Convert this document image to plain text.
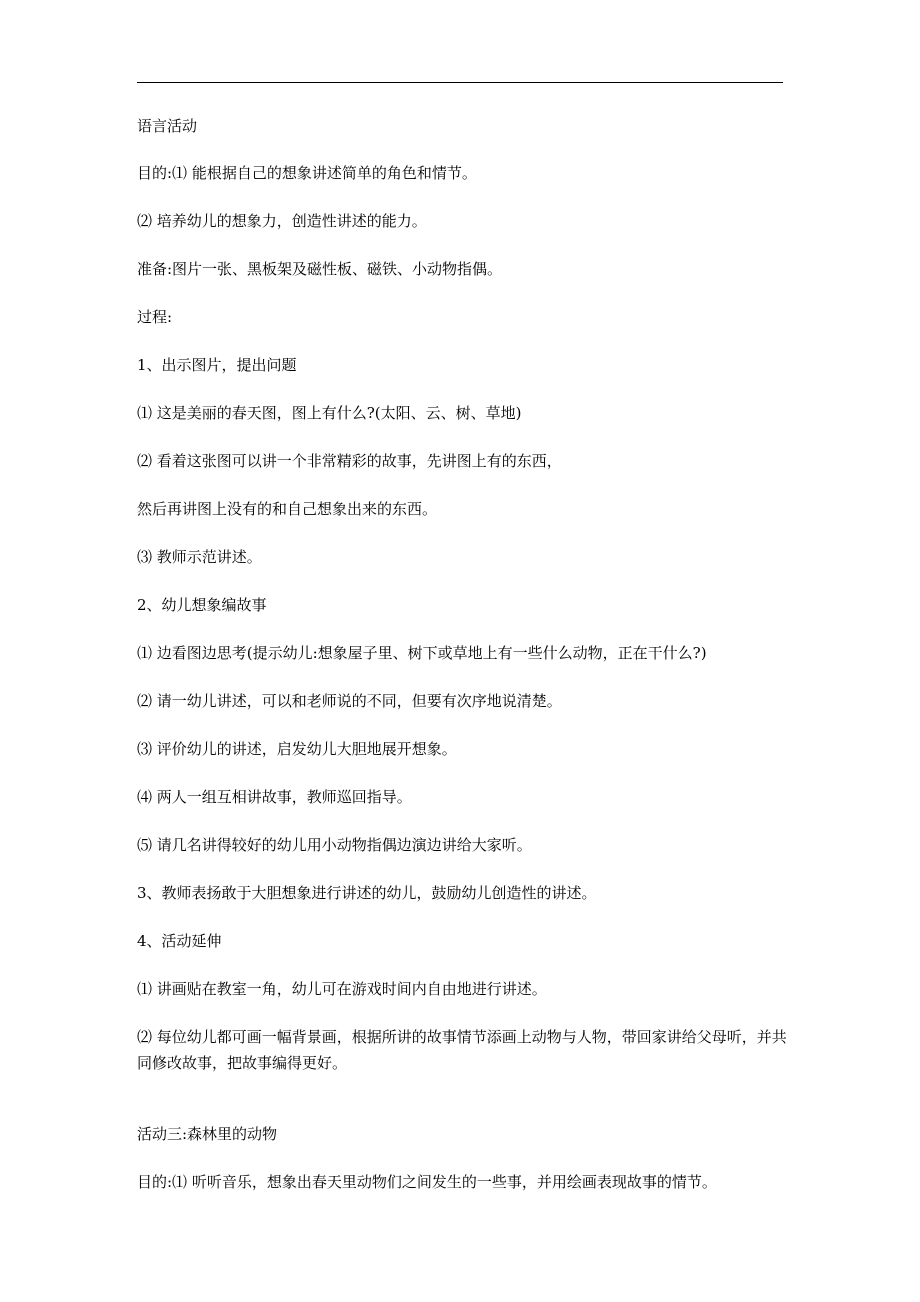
语言活动
目的:⑴ 能根据自己的想象讲述简单的角色和情节。
⑵ 培养幼儿的想象力，创造性讲述的能力。
准备:图片一张、黑板架及磁性板、磁铁、小动物指偶。
过程:
1、出示图片，提出问题
⑴ 这是美丽的春天图，图上有什么?(太阳、云、树、草地)
⑵ 看着这张图可以讲一个非常精彩的故事，先讲图上有的东西，
然后再讲图上没有的和自己想象出来的东西。
⑶ 教师示范讲述。
2、幼儿想象编故事
⑴ 边看图边思考(提示幼儿:想象屋子里、树下或草地上有一些什么动物，正在干什么?)
⑵ 请一幼儿讲述，可以和老师说的不同，但要有次序地说清楚。
⑶ 评价幼儿的讲述，启发幼儿大胆地展开想象。
⑷ 两人一组互相讲故事，教师巡回指导。
⑸ 请几名讲得较好的幼儿用小动物指偶边演边讲给大家听。
3、教师表扬敢于大胆想象进行讲述的幼儿，鼓励幼儿创造性的讲述。
4、活动延伸
⑴ 讲画贴在教室一角，幼儿可在游戏时间内自由地进行讲述。
⑵ 每位幼儿都可画一幅背景画，根据所讲的故事情节添画上动物与人物，带回家讲给父母听，并共同修改故事，把故事编得更好。
活动三:森林里的动物
目的:⑴ 听听音乐，想象出春天里动物们之间发生的一些事，并用绘画表现故事的情节。
